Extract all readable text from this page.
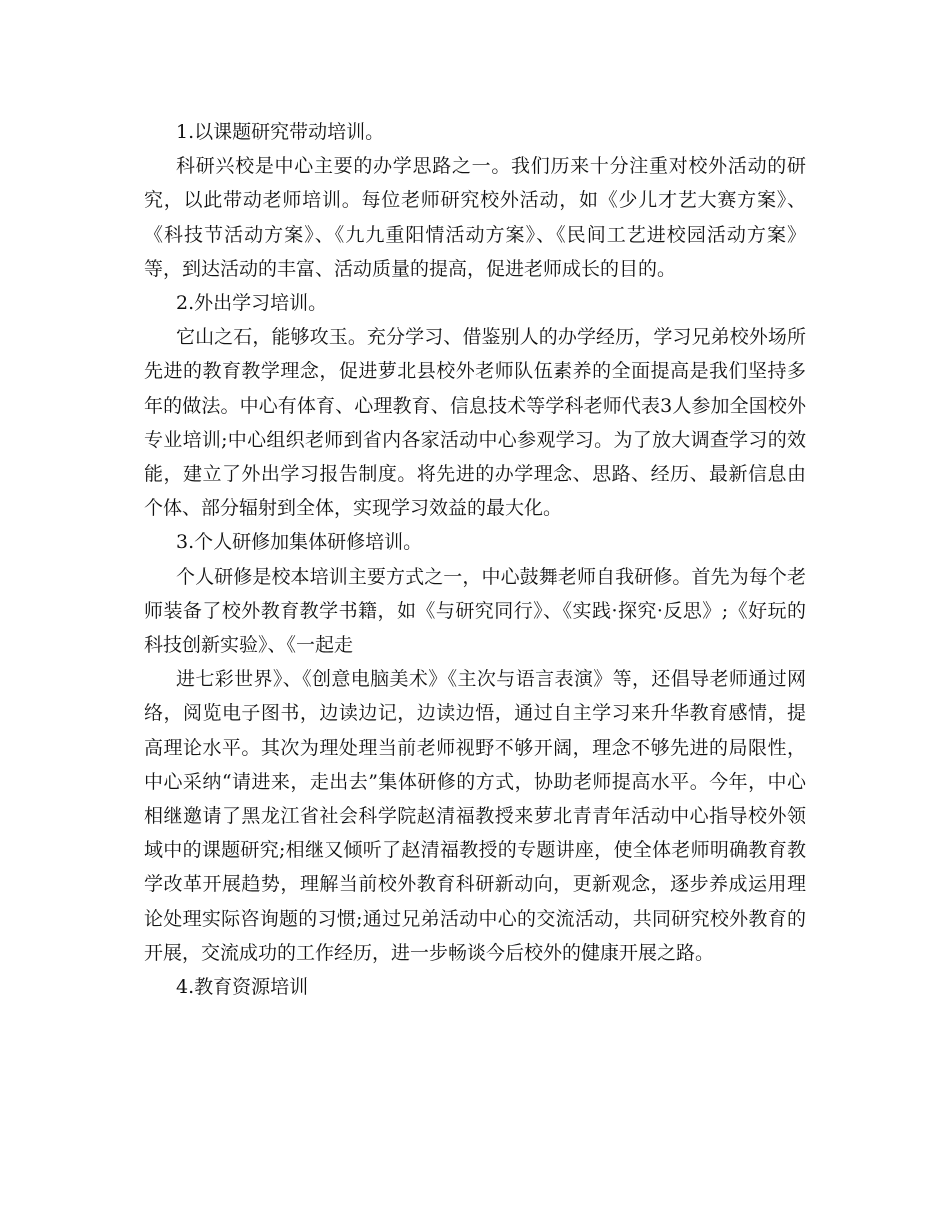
1.以课题研究带动培训。

科研兴校是中心主要的办学思路之一。我们历来十分注重对校外活动的研究，以此带动老师培训。每位老师研究校外活动，如《少儿才艺大赛方案》、《科技节活动方案》、《九九重阳情活动方案》、《民间工艺进校园活动方案》等，到达活动的丰富、活动质量的提高，促进老师成长的目的。

2.外出学习培训。

它山之石，能够攻玉。充分学习、借鉴别人的办学经历，学习兄弟校外场所先进的教育教学理念，促进萝北县校外老师队伍素养的全面提高是我们坚持多年的做法。中心有体育、心理教育、信息技术等学科老师代表3人参加全国校外专业培训;中心组织老师到省内各家活动中心参观学习。为了放大调查学习的效能，建立了外出学习报告制度。将先进的办学理念、思路、经历、最新信息由个体、部分辐射到全体，实现学习效益的最大化。

3.个人研修加集体研修培训。

个人研修是校本培训主要方式之一，中心鼓舞老师自我研修。首先为每个老师装备了校外教育教学书籍，如《与研究同行》、《实践·探究·反思》;《好玩的科技创新实验》、《一起走

进七彩世界》、《创意电脑美术》《主次与语言表演》等，还倡导老师通过网络，阅览电子图书，边读边记，边读边悟，通过自主学习来升华教育感情，提高理论水平。其次为理处理当前老师视野不够开阔，理念不够先进的局限性，中心采纳“请进来，走出去”集体研修的方式，协助老师提高水平。今年，中心相继邀请了黑龙江省社会科学院赵清福教授来萝北青青年活动中心指导校外领域中的课题研究;相继又倾听了赵清福教授的专题讲座，使全体老师明确教育教学改革开展趋势，理解当前校外教育科研新动向，更新观念，逐步养成运用理论处理实际咨询题的习惯;通过兄弟活动中心的交流活动，共同研究校外教育的开展，交流成功的工作经历，进一步畅谈今后校外的健康开展之路。

4.教育资源培训
